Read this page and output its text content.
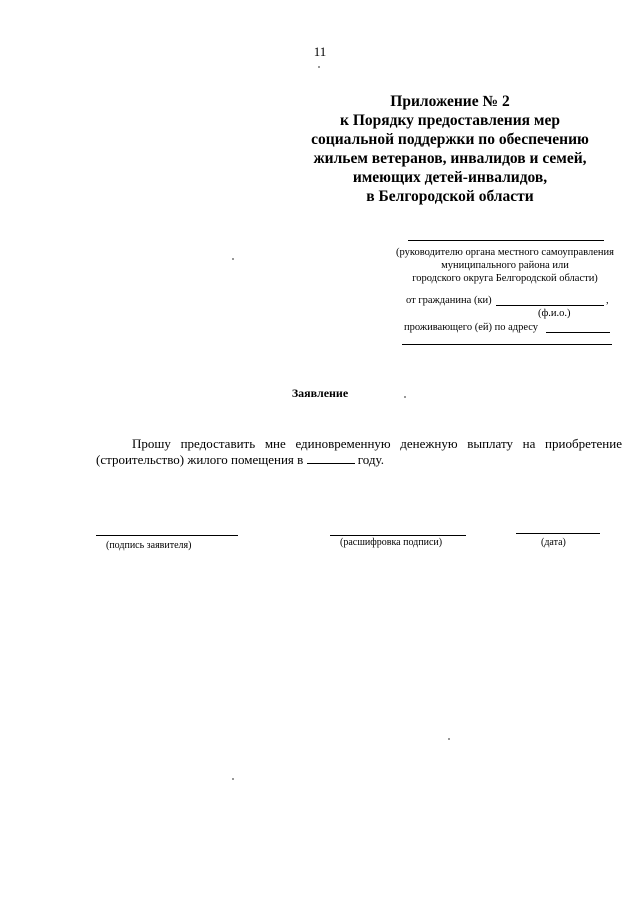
11
Приложение № 2
к Порядку предоставления мер
социальной поддержки по обеспечению
жильем ветеранов, инвалидов и семей,
имеющих детей-инвалидов,
в Белгородской области
(руководителю органа местного самоуправления
муниципального района или
городского округа Белгородской области)
от гражданина (ки)	,
(ф.и.о.)
проживающего (ей) по адресу
Заявление
Прошу предоставить мне единовременную денежную выплату на приобретение
(строительство) жилого помещения в	году.
(подпись заявителя)	(расшифровка подписи)	(дата)
